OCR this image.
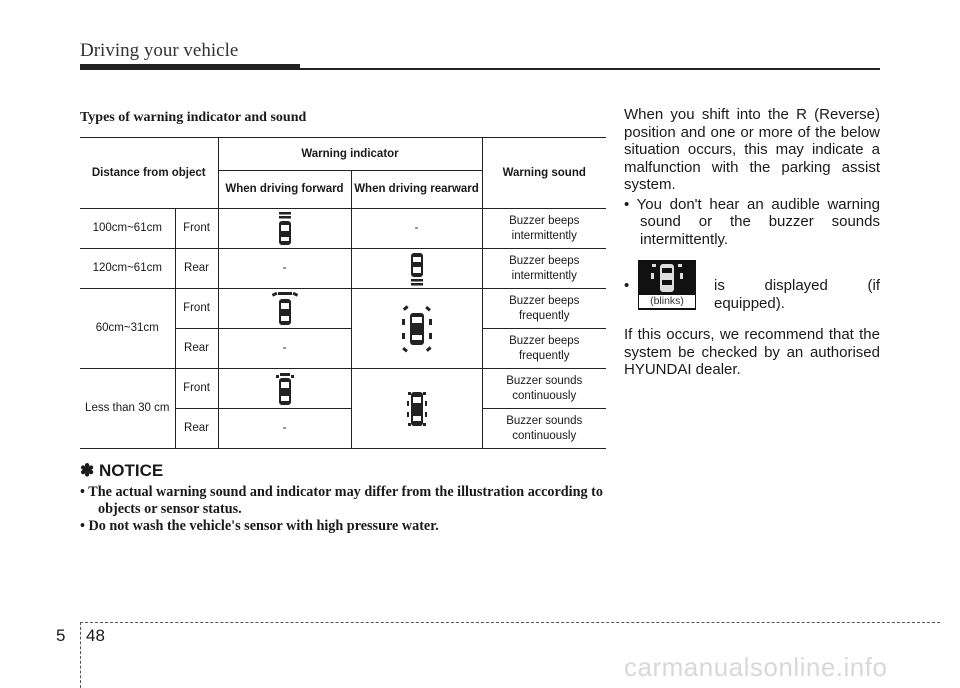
Driving your vehicle
Types of warning indicator and sound
Distance from object		Warning indicator		Warning sound
		When driving forward	When driving rearward	
100cm~61cm	Front		-	Buzzer beeps intermittently
120cm~61cm	Rear	-		Buzzer beeps intermittently
60cm~31cm	Front			Buzzer beeps frequently
	Rear	-		Buzzer beeps frequently
Less than 30 cm	Front			Buzzer sounds continuously
	Rear	-		Buzzer sounds continuously
✽ NOTICE
• The actual warning sound and indicator may differ from the illustration according to objects or sensor status.
• Do not wash the vehicle's sensor with high pressure water.

When you shift into the R (Reverse) position and one or more of the below situation occurs, this may indicate a malfunction with the parking assist system.

• You don't hear an audible warning sound or the buzzer sounds intermittently.

•
(blinks)
is displayed (if equipped).

If this occurs, we recommend that the system be checked by an authorised HYUNDAI dealer.

5 48
carmanualsonline.info
